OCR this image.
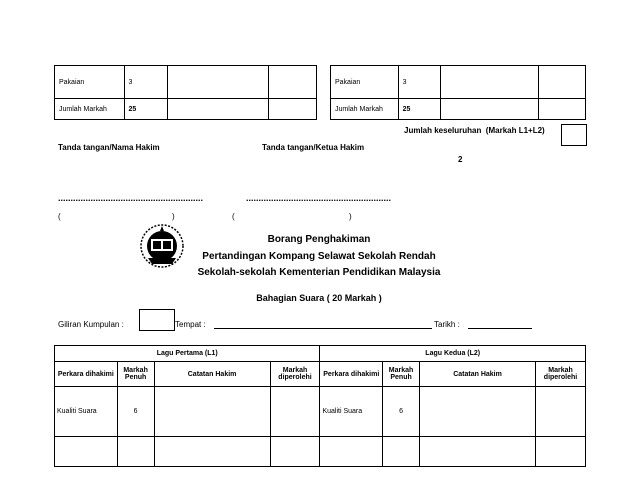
Pakaian	3		
Jumlah Markah	25		
Pakaian	3		
Jumlah Markah	25		
Jumlah keseluruhan  (Markah L1+L2)
2
Tanda tangan/Nama Hakim	Tanda tangan/Ketua Hakim
..........................................................	..........................................................
(	)	(	)
Borang Penghakiman
Pertandingan Kompang Selawat Sekolah Rendah
Sekolah-sekolah Kementerian Pendidikan Malaysia
Bahagian Suara ( 20 Markah )
Giliran Kumpulan :	Tempat :	Tarikh :
Lagu Pertama (L1)				Lagu Kedua (L2)			
Perkara dihakimi	Markah Penuh	Catatan Hakim	Markah diperolehi	Perkara dihakimi	Markah Penuh	Catatan Hakim	Markah diperolehi
Kualiti Suara	6			Kualiti Suara	6		
